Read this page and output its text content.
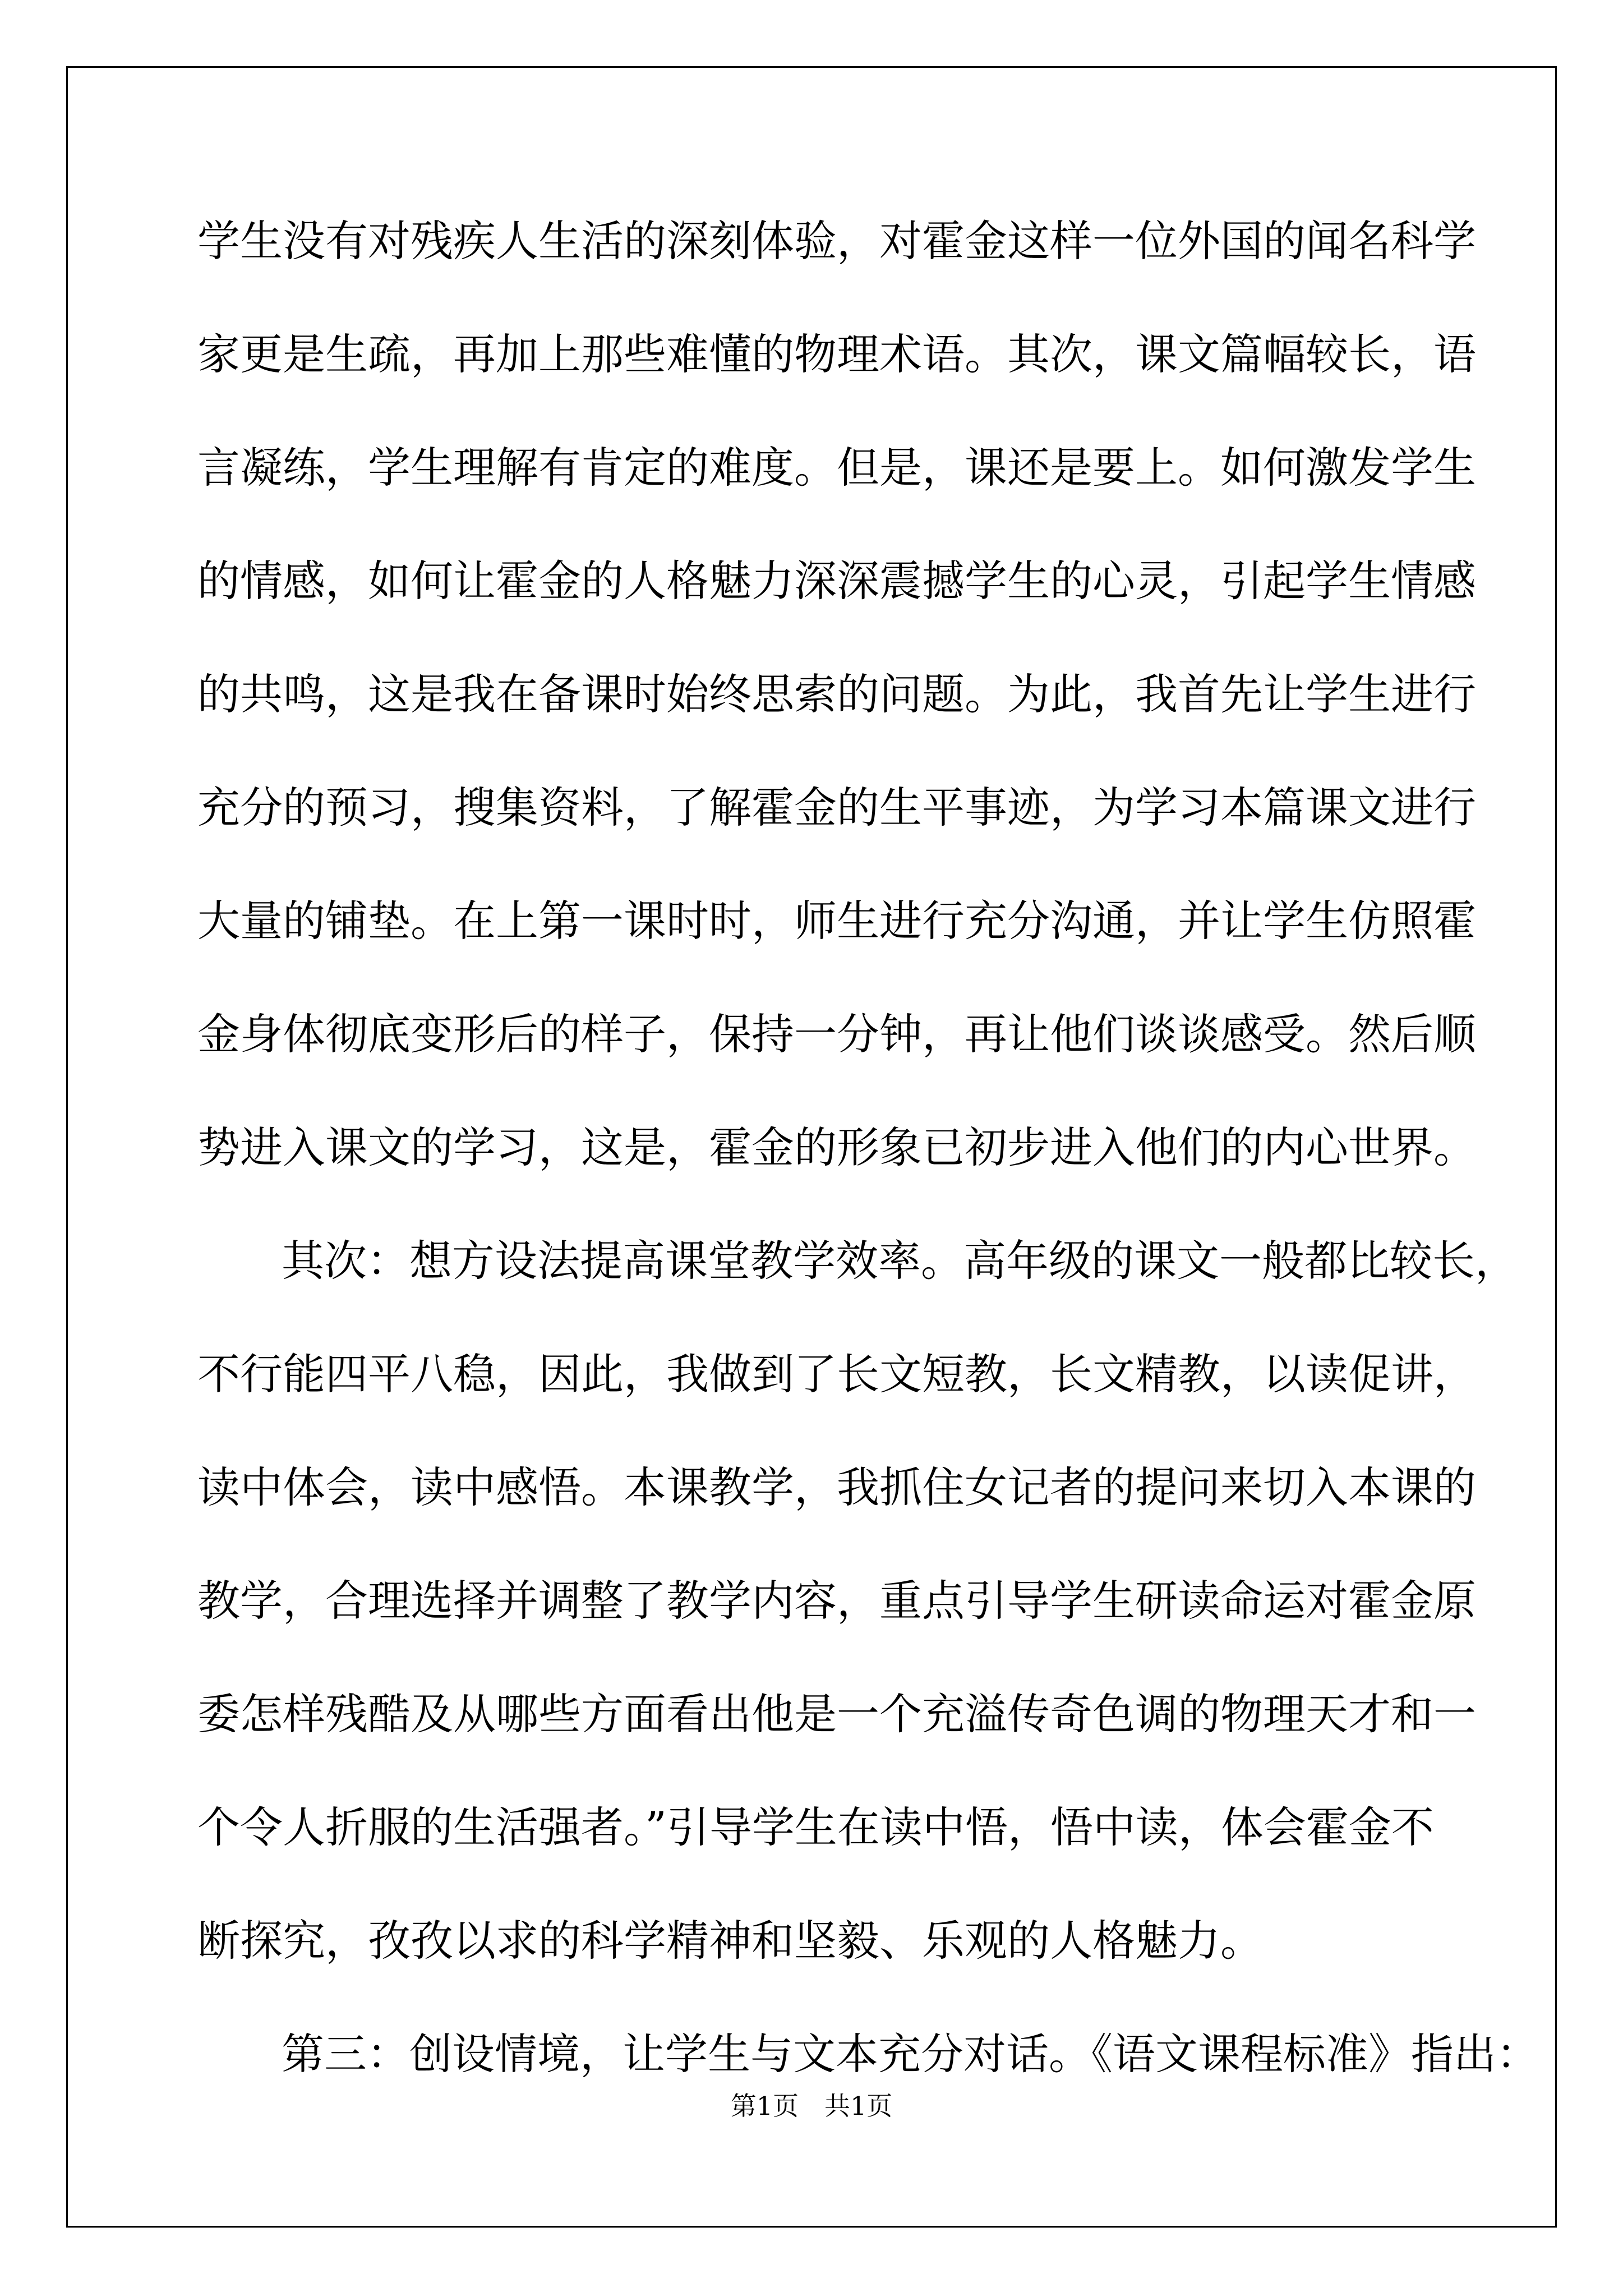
学生没有对残疾人生活的深刻体验，对霍金这样一位外国的闻名科学
家更是生疏，再加上那些难懂的物理术语。其次，课文篇幅较长，语
言凝练，学生理解有肯定的难度。但是，课还是要上。如何激发学生
的情感，如何让霍金的人格魅力深深震撼学生的心灵，引起学生情感
的共鸣，这是我在备课时始终思索的问题。为此，我首先让学生进行
充分的预习，搜集资料，了解霍金的生平事迹，为学习本篇课文进行
大量的铺垫。在上第一课时时，师生进行充分沟通，并让学生仿照霍
金身体彻底变形后的样子，保持一分钟，再让他们谈谈感受。然后顺
势进入课文的学习，这是，霍金的形象已初步进入他们的内心世界。
其次：想方设法提高课堂教学效率。高年级的课文一般都比较长，
不行能四平八稳，因此，我做到了长文短教，长文精教，以读促讲，
读中体会，读中感悟。本课教学，我抓住女记者的提问来切入本课的
教学，合理选择并调整了教学内容，重点引导学生研读命运对霍金原
委怎样残酷及从哪些方面看出他是一个充溢传奇色调的物理天才和一
个令人折服的生活强者。”引导学生在读中悟，悟中读，体会霍金不
断探究，孜孜以求的科学精神和坚毅、乐观的人格魅力。
第三：创设情境，让学生与文本充分对话。《语文课程标准》指出：
第1页　共1页
